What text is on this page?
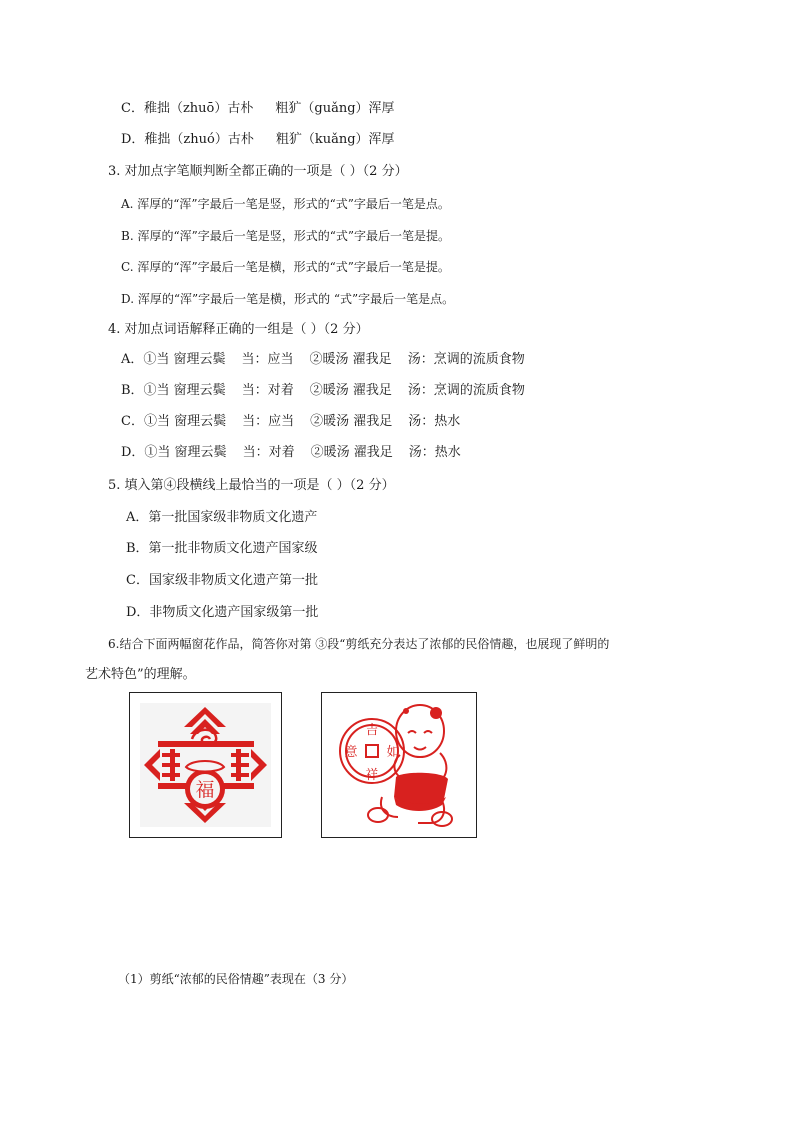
C．稚拙（zhuō）古朴 粗犷（guǎng）浑厚
D．稚拙（zhuó）古朴 粗犷（kuǎng）浑厚
3. 对加点字笔顺判断全都正确的一项是（ ）（2 分）
A. 浑厚的“浑”字最后一笔是竖，形式的“式”字最后一笔是点。
B. 浑厚的“浑”字最后一笔是竖，形式的“式”字最后一笔是提。
C. 浑厚的“浑”字最后一笔是横，形式的“式”字最后一笔是提。
D. 浑厚的“浑”字最后一笔是横，形式的 “式”字最后一笔是点。
4. 对加点词语解释正确的一组是（ ）（2 分）
A．①当 窗理云鬓 当：应当 ②暖汤 濯我足 汤：烹调的流质食物
B．①当 窗理云鬓 当：对着 ②暖汤 濯我足 汤：烹调的流质食物
C．①当 窗理云鬓 当：应当 ②暖汤 濯我足 汤：热水
D．①当 窗理云鬓 当：对着 ②暖汤 濯我足 汤：热水
5. 填入第④段横线上最恰当的一项是（ ）（2 分）
A．第一批国家级非物质文化遗产
B．第一批非物质文化遗产国家级
C．国家级非物质文化遗产第一批
D．非物质文化遗产国家级第一批
6.结合下面两幅窗花作品，简答你对第 ③段“剪纸充分表达了浓郁的民俗情趣，也展现了鲜明的
艺术特色”的理解。
福
吉
祥
如
意
（1）剪纸“浓郁的民俗情趣”表现在（3 分）
